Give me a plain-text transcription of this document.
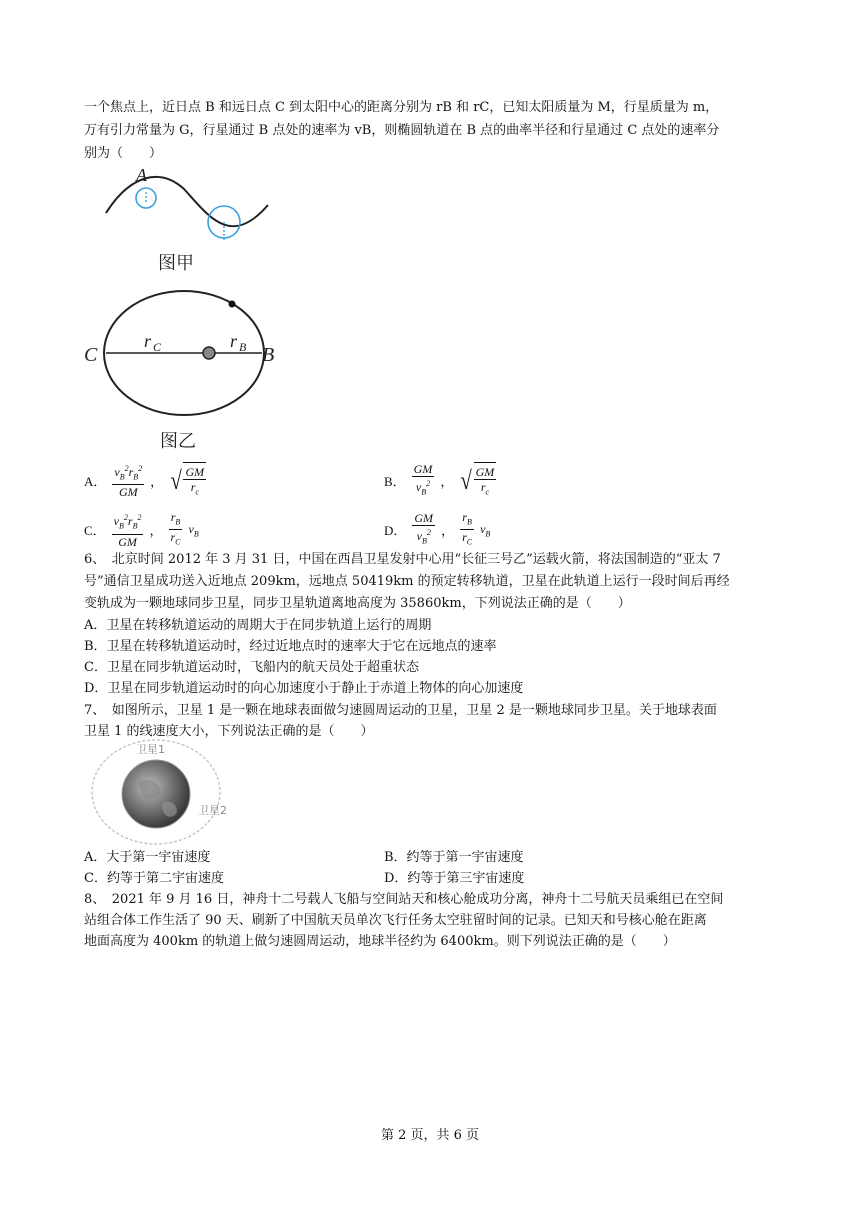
一个焦点上，近日点 B 和远日点 C 到太阳中心的距离分别为 rB 和 rC，已知太阳质量为 M，行星质量为 m，
万有引力常量为 G，行星通过 B 点处的速率为 vB，则椭圆轨道在 B 点的曲率半径和行星通过 C 点处的速率分
别为（　　）
A
图甲
C	B
r C	r B
图乙
A． $\frac{v_B^2r_B^2}{GM}$ ， √ $\frac{GM}{r_c}$	B． $\frac{GM}{v_B^2}$ ， √ $\frac{GM}{r_c}$
C． $\frac{v_B^2r_B^2}{GM}$ ， $\frac{r_B}{r_C} v_B$	D． $\frac{GM}{v_B^2}$ ， $\frac{r_B}{r_C} v_B$
6、　北京时间 2012 年 3 月 31 日，中国在西昌卫星发射中心用“长征三号乙”运载火箭，将法国制造的“亚太 7
号”通信卫星成功送入近地点 209km，远地点 50419km 的预定转移轨道，卫星在此轨道上运行一段时间后再经
变轨成为一颗地球同步卫星，同步卫星轨道离地高度为 35860km，下列说法正确的是（　　）
A．卫星在转移轨道运动的周期大于在同步轨道上运行的周期
B．卫星在转移轨道运动时，经过近地点时的速率大于它在远地点的速率
C．卫星在同步轨道运动时，飞船内的航天员处于超重状态
D．卫星在同步轨道运动时的向心加速度小于静止于赤道上物体的向心加速度
7、　如图所示，卫星 1 是一颗在地球表面做匀速圆周运动的卫星，卫星 2 是一颗地球同步卫星。关于地球表面
卫星 1 的线速度大小，下列说法正确的是（　　）
卫星1
卫星2
A．大于第一宇宙速度	B．约等于第一宇宙速度
C．约等于第二宇宙速度	D．约等于第三宇宙速度
8、　2021 年 9 月 16 日，神舟十二号载人飞船与空间站天和核心舱成功分离，神舟十二号航天员乘组已在空间
站组合体工作生活了 90 天、刷新了中国航天员单次飞行任务太空驻留时间的记录。已知天和号核心舱在距离
地面高度为 400km 的轨道上做匀速圆周运动，地球半径约为 6400km。则下列说法正确的是（　　）
第 2 页，共 6 页
